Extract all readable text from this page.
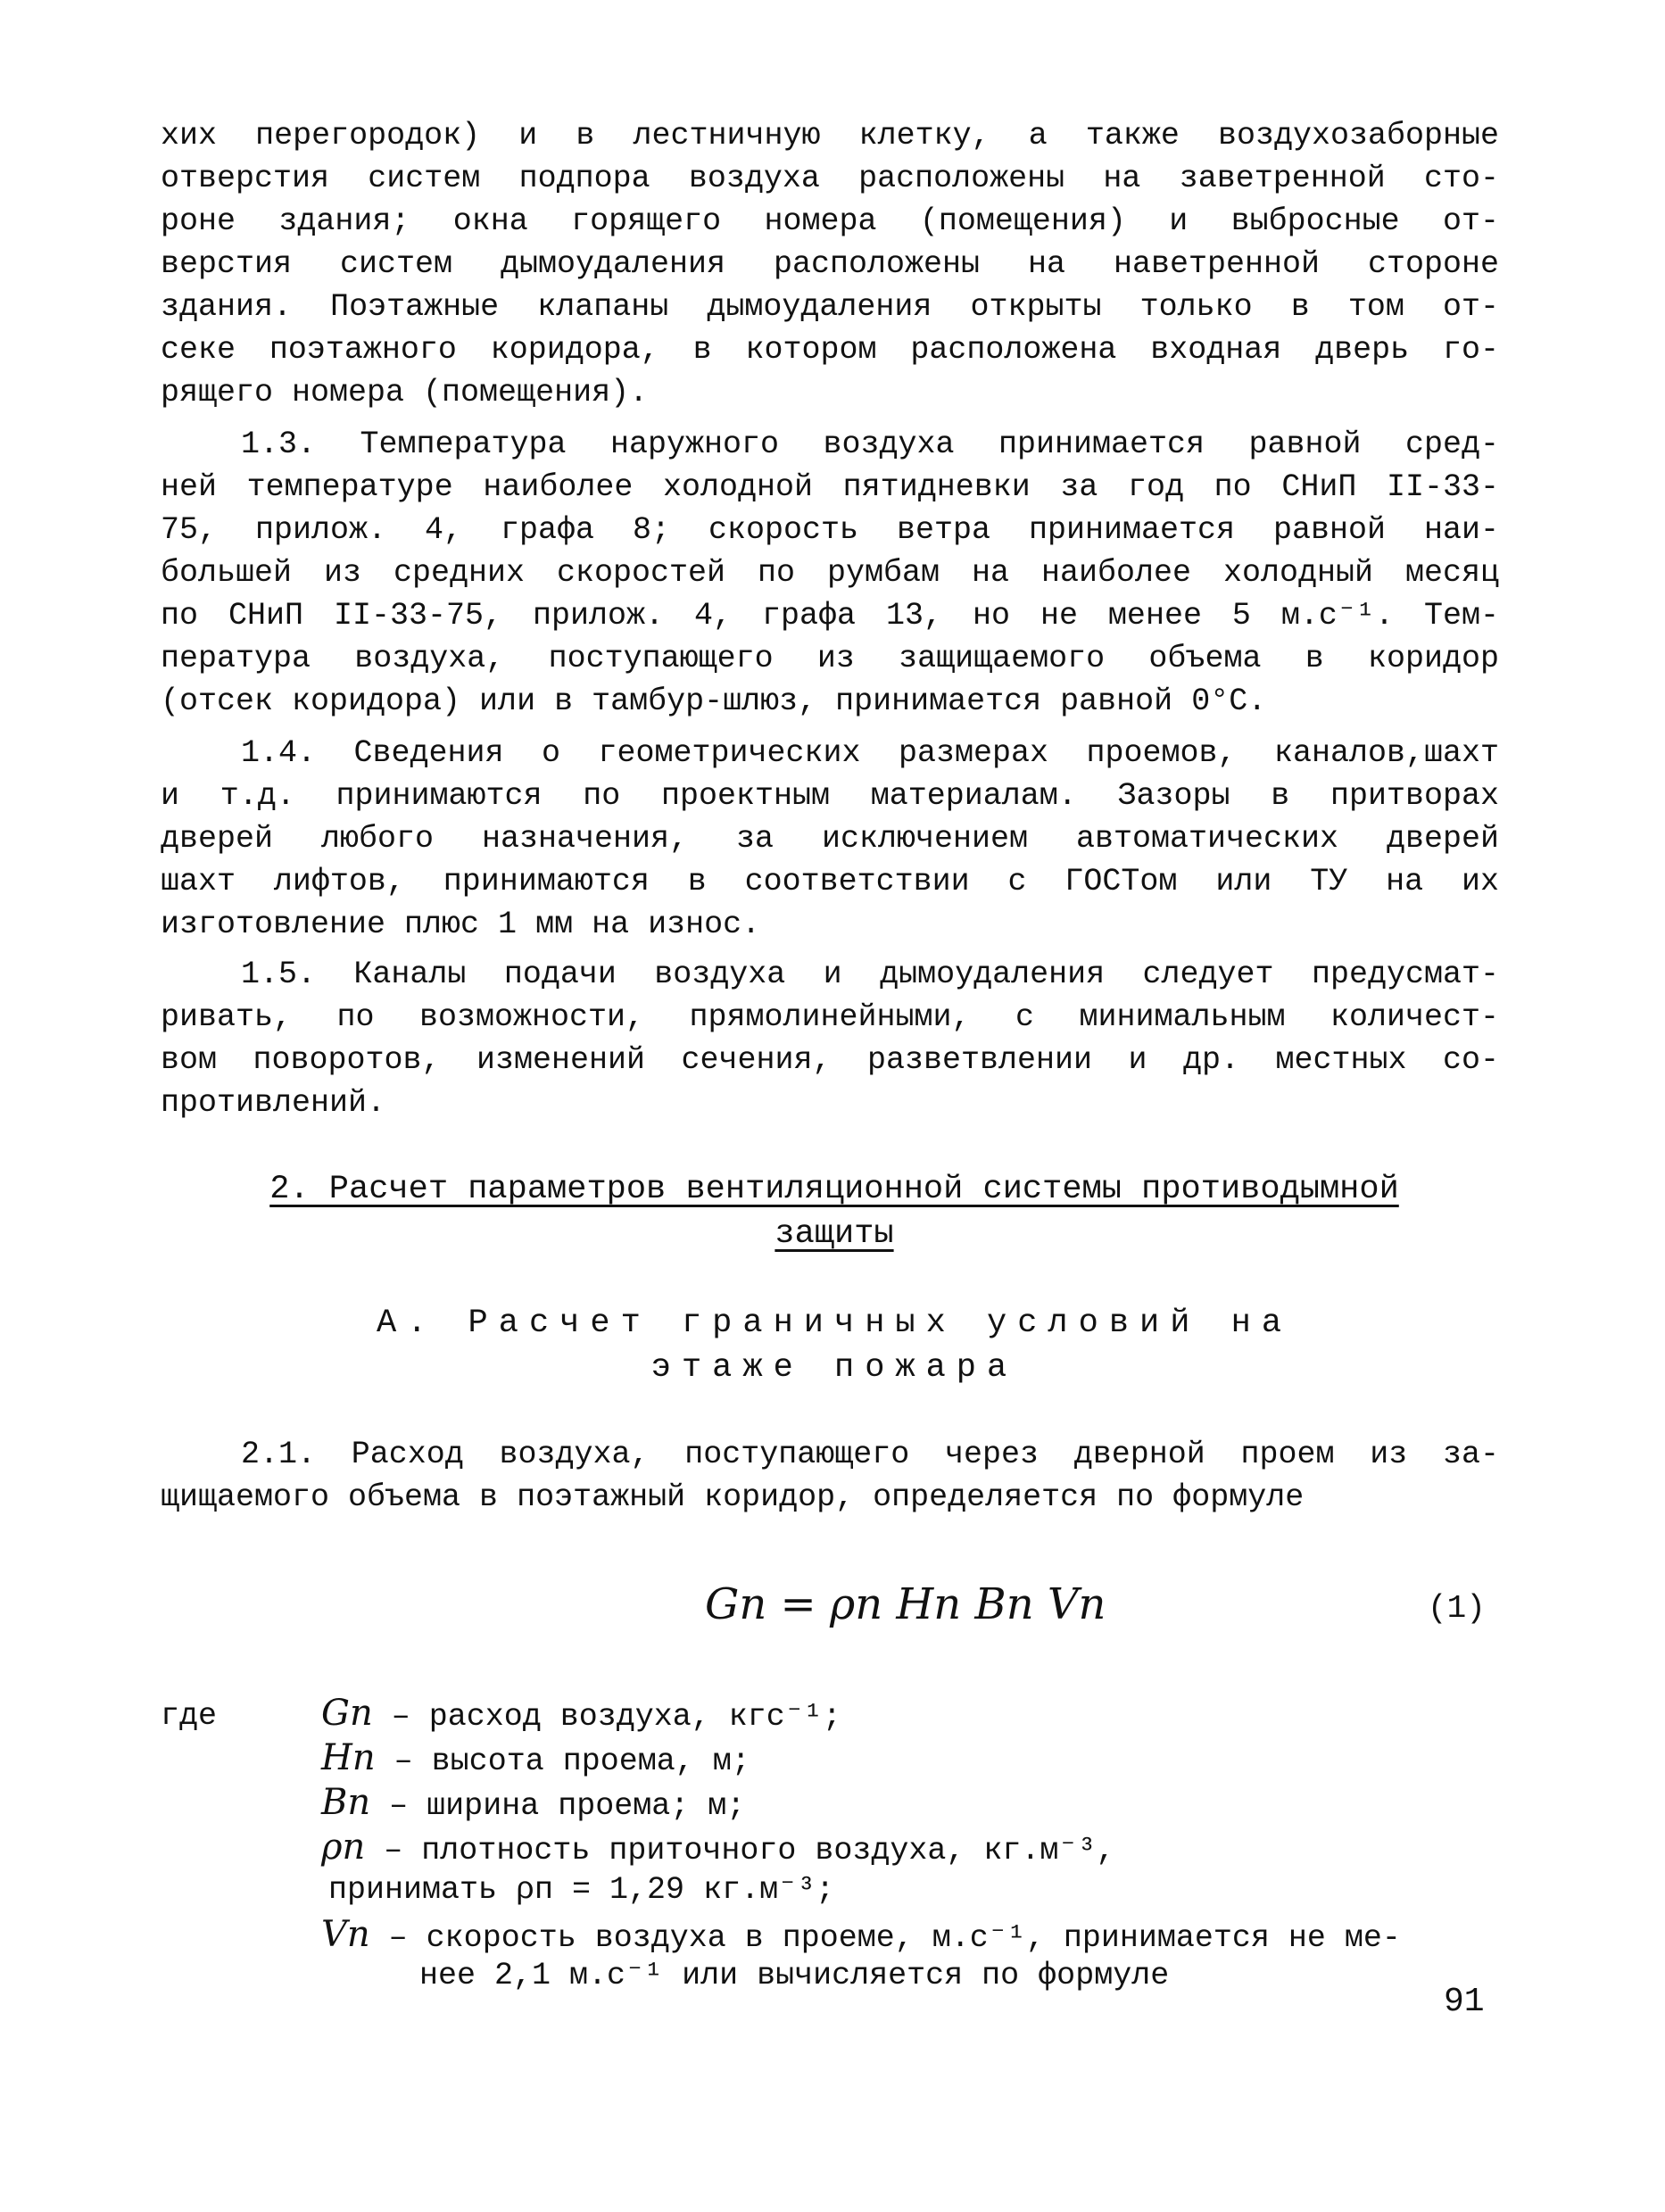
хих перегородок) и в лестничную клетку, а также воздухозаборные
отверстия систем подпора воздуха расположены на заветренной сто-
роне здания; окна горящего номера (помещения) и выбросные от-
верстия систем дымоудаления расположены на наветренной стороне
здания. Поэтажные клапаны дымоудаления открыты только в том от-
секе поэтажного коридора, в котором расположена входная дверь го-
рящего номера (помещения).
1.3. Температура наружного воздуха принимается равной сред-
ней температуре наиболее холодной пятидневки за год по СНиП II-33-
75, прилож. 4, графа 8; скорость ветра принимается равной наи-
большей из средних скоростей по румбам на наиболее холодный месяц
по СНиП II-33-75, прилож. 4, графа 13, но не менее 5 м.с⁻¹. Тем-
пература воздуха, поступающего из защищаемого объема в коридор
(отсек коридора) или в тамбур-шлюз, принимается равной 0°С.
1.4. Сведения о геометрических размерах проемов, каналов,шахт
и т.д. принимаются по проектным материалам. Зазоры в притворах
дверей любого назначения, за исключением автоматических дверей
шахт лифтов, принимаются в соответствии с ГОСТом или ТУ на их
изготовление плюс 1 мм на износ.
1.5. Каналы подачи воздуха и дымоудаления следует предусмат-
ривать, по возможности, прямолинейными, с минимальным количест-
вом поворотов, изменений сечения, разветвлении и др. местных со-
противлений.
2. Расчет параметров вентиляционной системы противодымной
защиты
А. Расчет граничных условий на
этаже пожара
2.1. Расход воздуха, поступающего через дверной проем из за-
щищаемого объема в поэтажный коридор, определяется по формуле
Gп = ρп Hп Bп Vп	(1)
где	Gп – расход воздуха, кгс⁻¹;
Hп – высота проема, м;
Bп – ширина проема; м;
ρп – плотность приточного воздуха, кг.м⁻³,
принимать ρп = 1,29 кг.м⁻³;
Vп – скорость воздуха в проеме, м.с⁻¹, принимается не ме-
нее 2,1 м.с⁻¹ или вычисляется по формуле
91
